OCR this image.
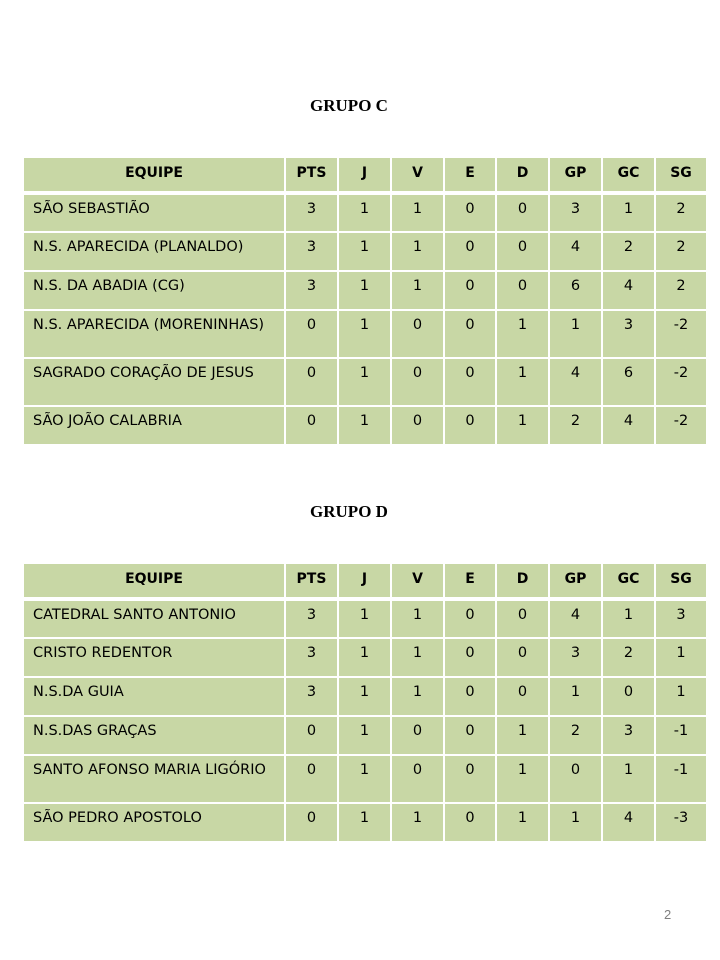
GRUPO C
EQUIPE	PTS	J	V	E	D	GP	GC	SG
SÃO SEBASTIÃO	3	1	1	0	0	3	1	2
N.S. APARECIDA (PLANALDO)	3	1	1	0	0	4	2	2
N.S. DA ABADIA (CG)	3	1	1	0	0	6	4	2
N.S. APARECIDA (MORENINHAS)	0	1	0	0	1	1	3	-2
SAGRADO CORAÇÃO DE JESUS	0	1	0	0	1	4	6	-2
SÃO JOÃO CALABRIA	0	1	0	0	1	2	4	-2
GRUPO D
EQUIPE	PTS	J	V	E	D	GP	GC	SG
CATEDRAL SANTO ANTONIO	3	1	1	0	0	4	1	3
CRISTO REDENTOR	3	1	1	0	0	3	2	1
N.S.DA GUIA	3	1	1	0	0	1	0	1
N.S.DAS GRAÇAS	0	1	0	0	1	2	3	-1
SANTO AFONSO MARIA LIGÓRIO	0	1	0	0	1	0	1	-1
SÃO PEDRO APOSTOLO	0	1	1	0	1	1	4	-3
2
